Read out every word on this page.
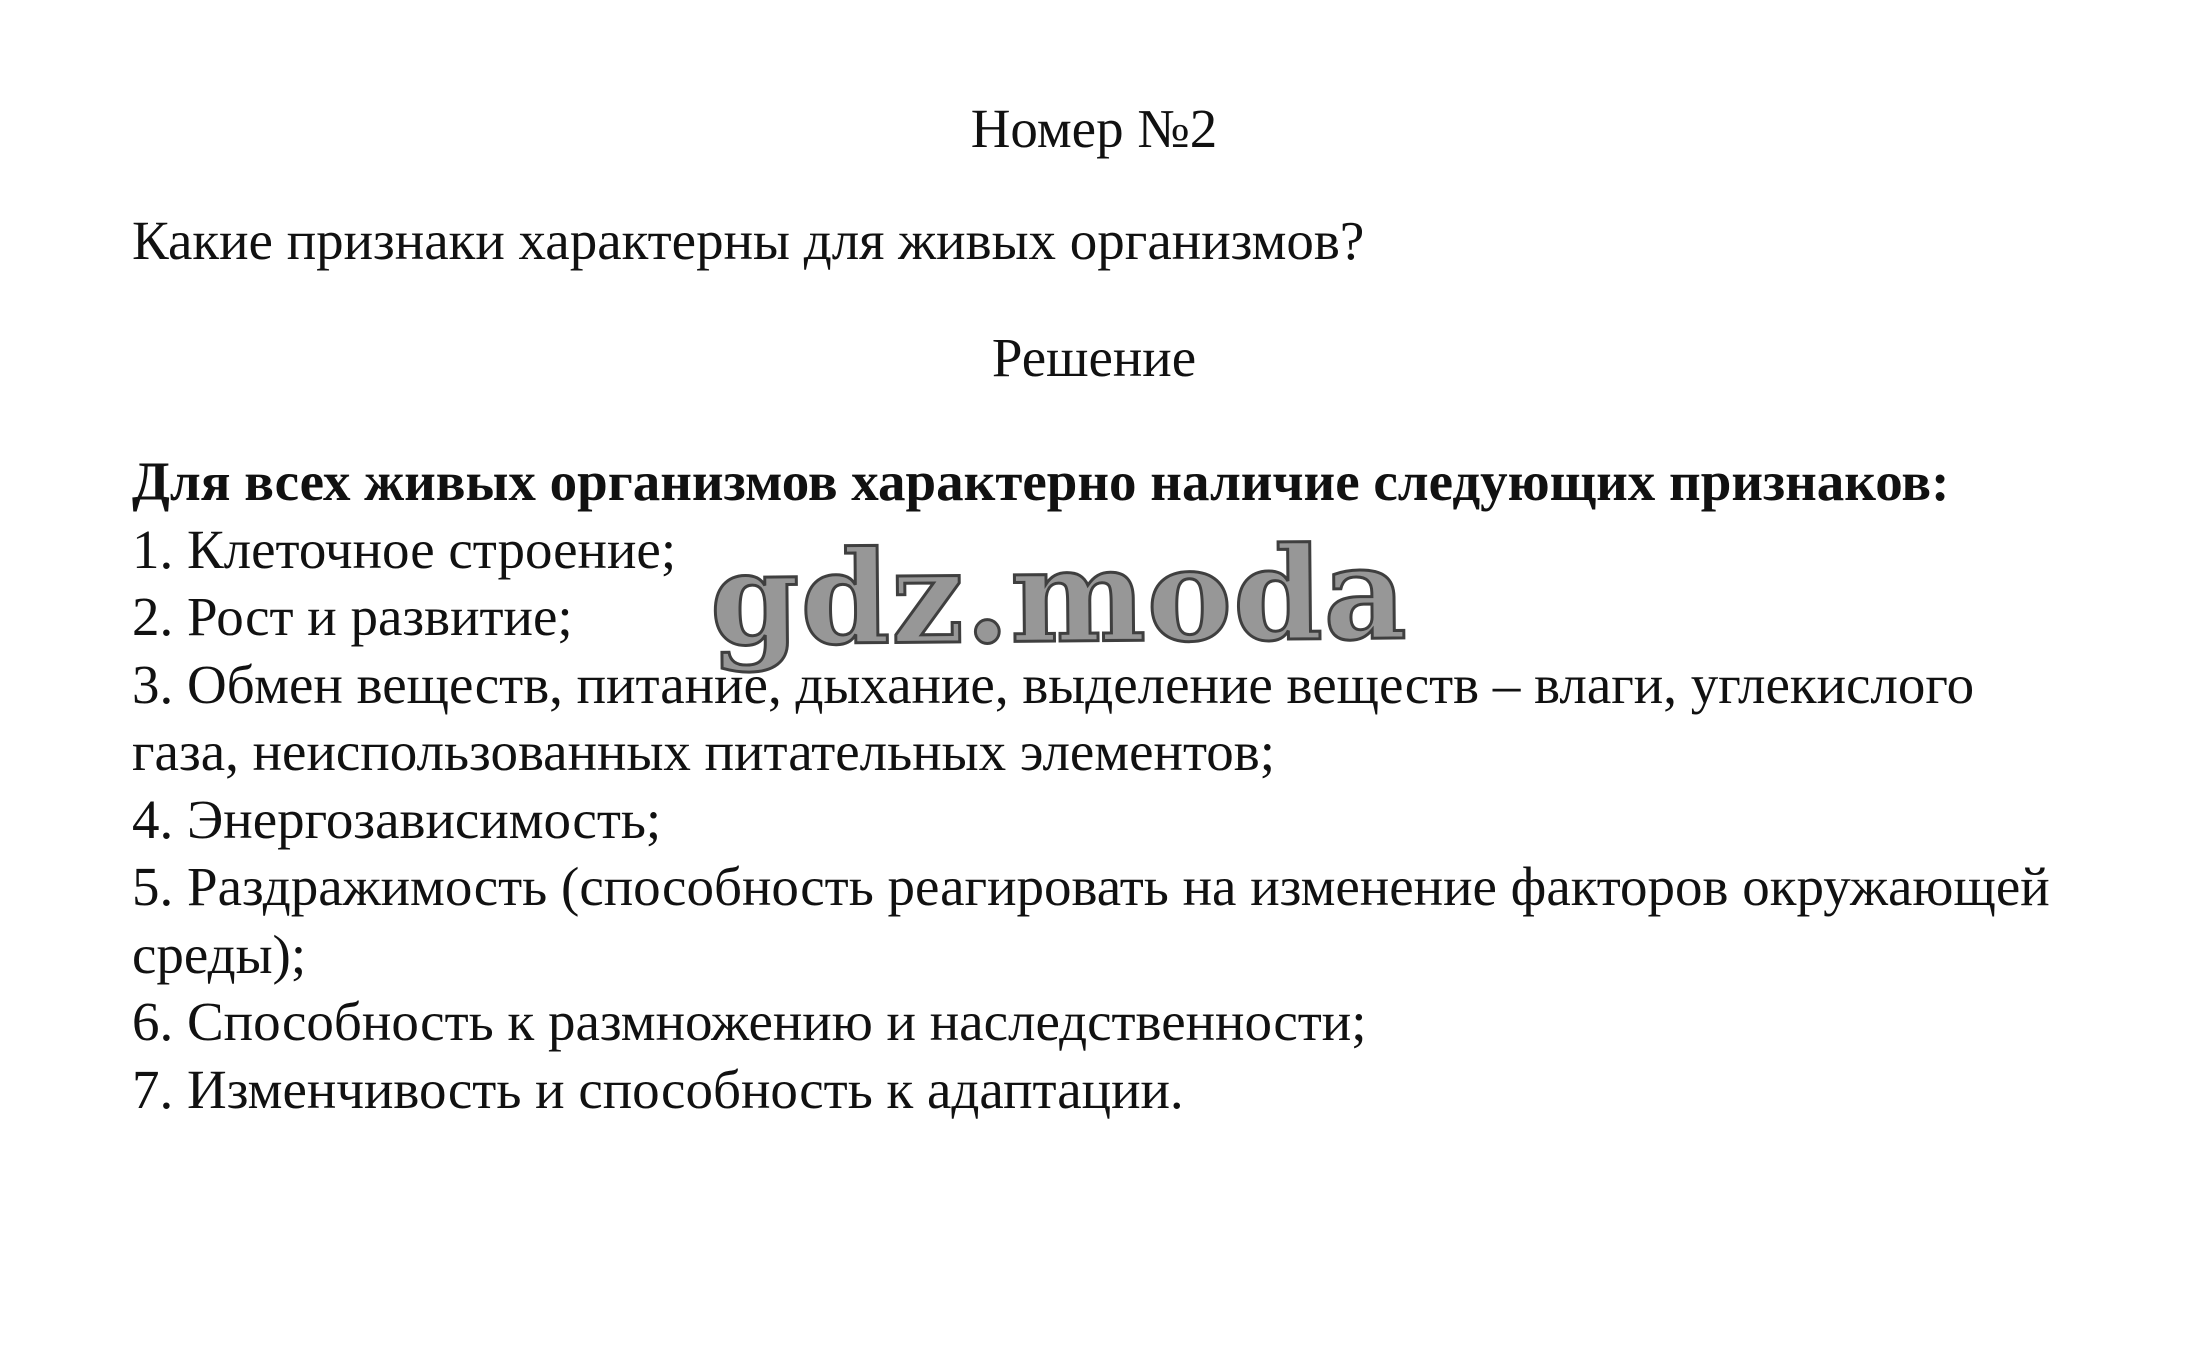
Номер №2
Какие признаки характерны для живых организмов?
Решение

Для всех живых организмов характерно наличие следующих признаков:

1. Клеточное строение;
2. Рост и развитие;
3. Обмен веществ, питание, дыхание, выделение веществ – влаги, углекислого газа, неиспользованных питательных элементов;
4. Энергозависимость;
5. Раздражимость (способность реагировать на изменение факторов окружающей среды);
6. Способность к размножению и наследственности;
7. Изменчивость и способность к адаптации.
gdz.moda
